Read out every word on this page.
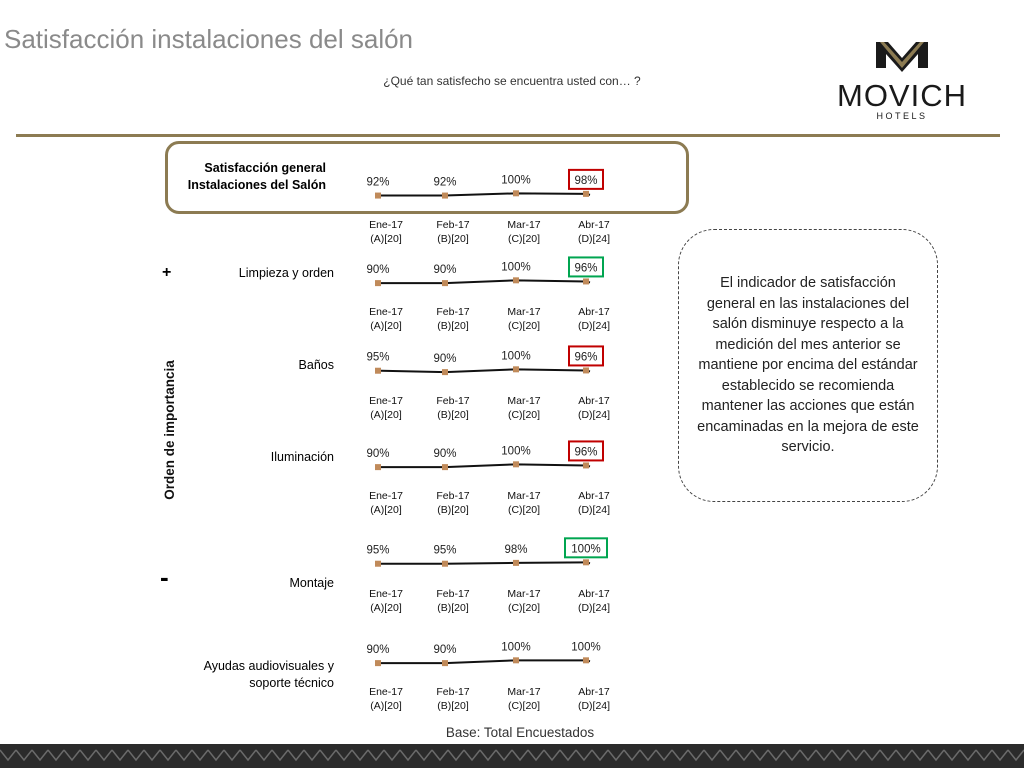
Satisfacción instalaciones del salón
¿Qué tan satisfecho se encuentra usted con… ?	MOVICH
HOTELS
+
-
Orden de importancia
Satisfacción general
Instalaciones del Salón
Limpieza y orden
Baños
Iluminación
Montaje
Ayudas audiovisuales y
soporte técnico
92%	92%	100%	98%
Ene-17
(A)[20]
Feb-17
(B)[20]
Mar-17
(C)[20]
Abr-17
(D)[24]
90%	90%	100%	96%
Ene-17
(A)[20]
Feb-17
(B)[20]
Mar-17
(C)[20]
Abr-17
(D)[24]
95%	90%	100%	96%
Ene-17
(A)[20]
Feb-17
(B)[20]
Mar-17
(C)[20]
Abr-17
(D)[24]
90%	90%	100%	96%
Ene-17
(A)[20]
Feb-17
(B)[20]
Mar-17
(C)[20]
Abr-17
(D)[24]
95%	95%	98%	100%
Ene-17
(A)[20]
Feb-17
(B)[20]
Mar-17
(C)[20]
Abr-17
(D)[24]
90%	90%	100%	100%
Ene-17
(A)[20]
Feb-17
(B)[20]
Mar-17
(C)[20]
Abr-17
(D)[24]

El indicador de satisfacción general en las instalaciones del salón disminuye respecto a la medición del mes anterior se mantiene por encima del estándar establecido se recomienda mantener las acciones que están encaminadas en la mejora de este servicio.

Base: Total Encuestados
